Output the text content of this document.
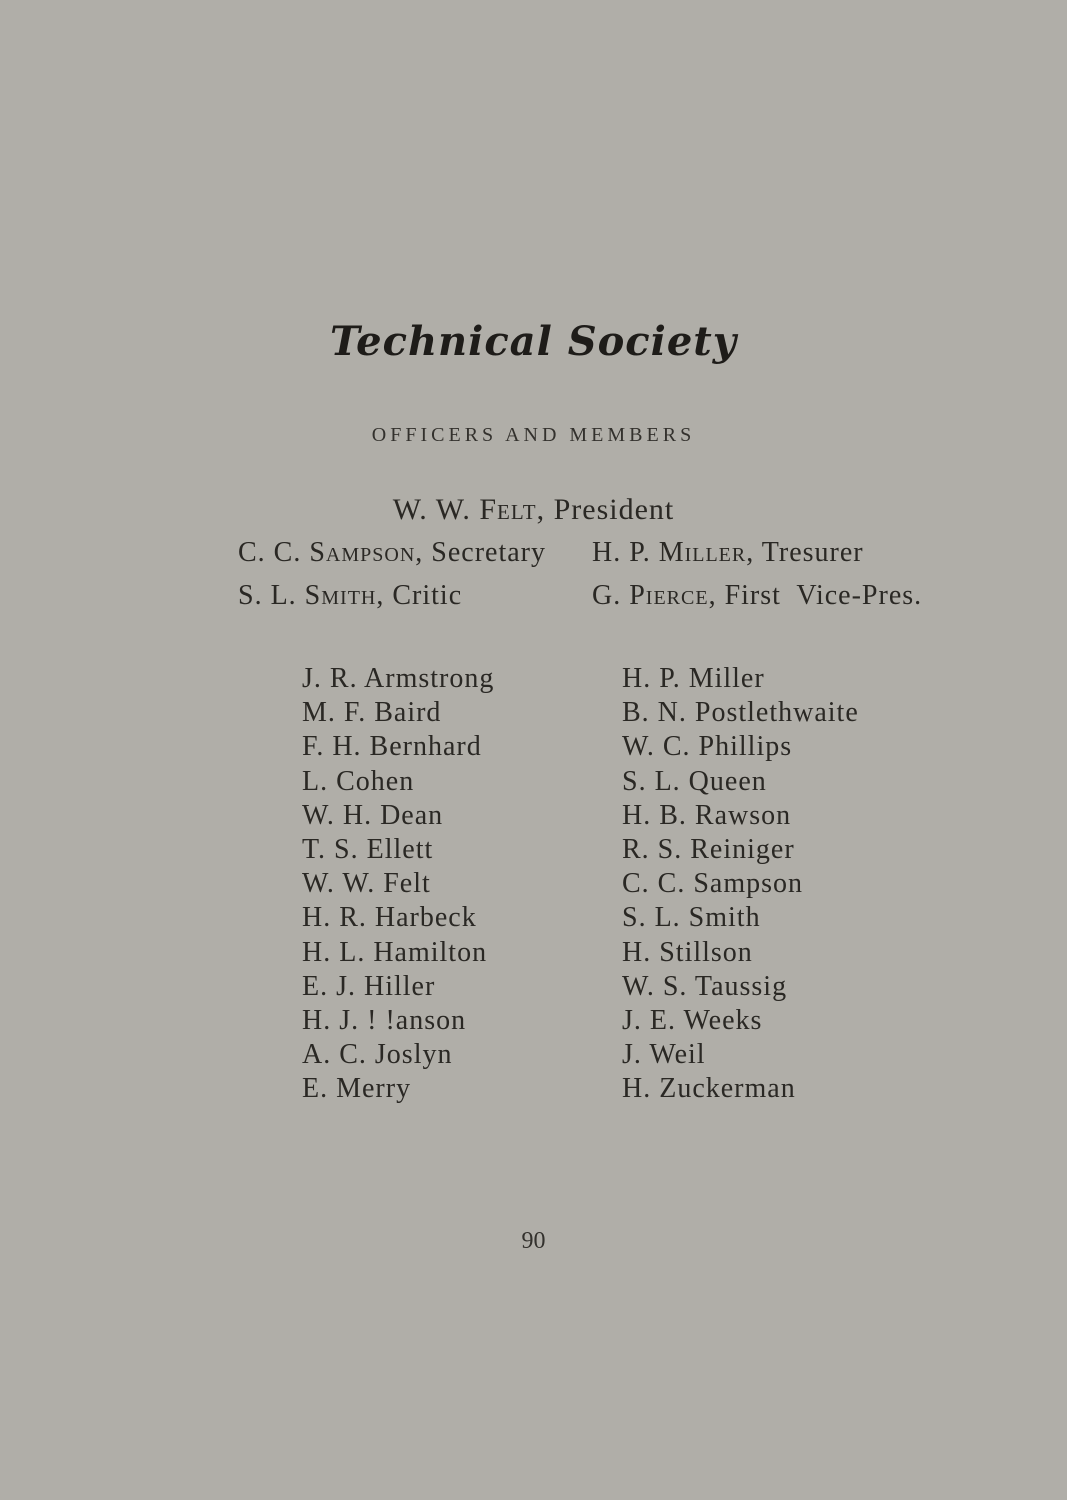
Technical Society
OFFICERS AND MEMBERS
W. W. Felt, President
C. C. Sampson, Secretary H. P. Miller, Tresurer
S. L. Smith, Critic	G. Pierce, First  Vice-Pres.
J. R. Armstrong
M. F. Baird
F. H. Bernhard
L. Cohen
W. H. Dean
T. S. Ellett
W. W. Felt
H. R. Harbeck
H. L. Hamilton
E. J. Hiller
H. J. ! !anson
A. C. Joslyn
E. Merry
H. P. Miller
B. N. Postlethwaite
W. C. Phillips
S. L. Queen
H. B. Rawson
R. S. Reiniger
C. C. Sampson
S. L. Smith
H. Stillson
W. S. Taussig
J. E. Weeks
J. Weil
H. Zuckerman
90
